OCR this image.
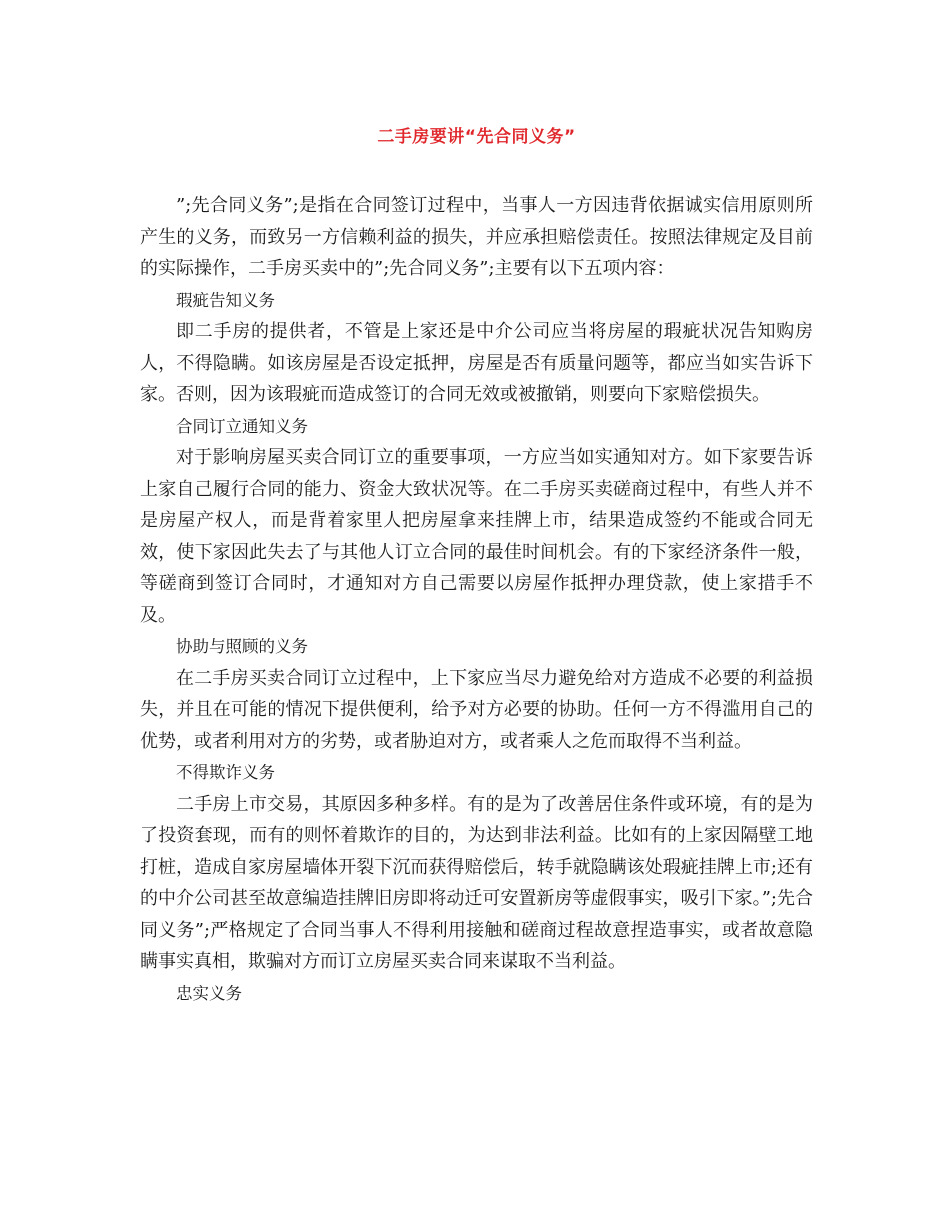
二手房要讲“先合同义务”

”;先合同义务”;是指在合同签订过程中，当事人一方因违背依据诚实信用原则所产生的义务，而致另一方信赖利益的损失，并应承担赔偿责任。按照法律规定及目前的实际操作，二手房买卖中的”;先合同义务”;主要有以下五项内容：

瑕疵告知义务

即二手房的提供者，不管是上家还是中介公司应当将房屋的瑕疵状况告知购房人，不得隐瞒。如该房屋是否设定抵押，房屋是否有质量问题等，都应当如实告诉下家。否则，因为该瑕疵而造成签订的合同无效或被撤销，则要向下家赔偿损失。

合同订立通知义务

对于影响房屋买卖合同订立的重要事项，一方应当如实通知对方。如下家要告诉上家自己履行合同的能力、资金大致状况等。在二手房买卖磋商过程中，有些人并不是房屋产权人，而是背着家里人把房屋拿来挂牌上市，结果造成签约不能或合同无效，使下家因此失去了与其他人订立合同的最佳时间机会。有的下家经济条件一般，等磋商到签订合同时，才通知对方自己需要以房屋作抵押办理贷款，使上家措手不及。

协助与照顾的义务

在二手房买卖合同订立过程中，上下家应当尽力避免给对方造成不必要的利益损失，并且在可能的情况下提供便利，给予对方必要的协助。任何一方不得滥用自己的优势，或者利用对方的劣势，或者胁迫对方，或者乘人之危而取得不当利益。

不得欺诈义务

二手房上市交易，其原因多种多样。有的是为了改善居住条件或环境，有的是为了投资套现，而有的则怀着欺诈的目的，为达到非法利益。比如有的上家因隔壁工地打桩，造成自家房屋墙体开裂下沉而获得赔偿后，转手就隐瞒该处瑕疵挂牌上市;还有的中介公司甚至故意编造挂牌旧房即将动迁可安置新房等虚假事实，吸引下家。”;先合同义务”;严格规定了合同当事人不得利用接触和磋商过程故意捏造事实，或者故意隐瞒事实真相，欺骗对方而订立房屋买卖合同来谋取不当利益。

忠实义务
